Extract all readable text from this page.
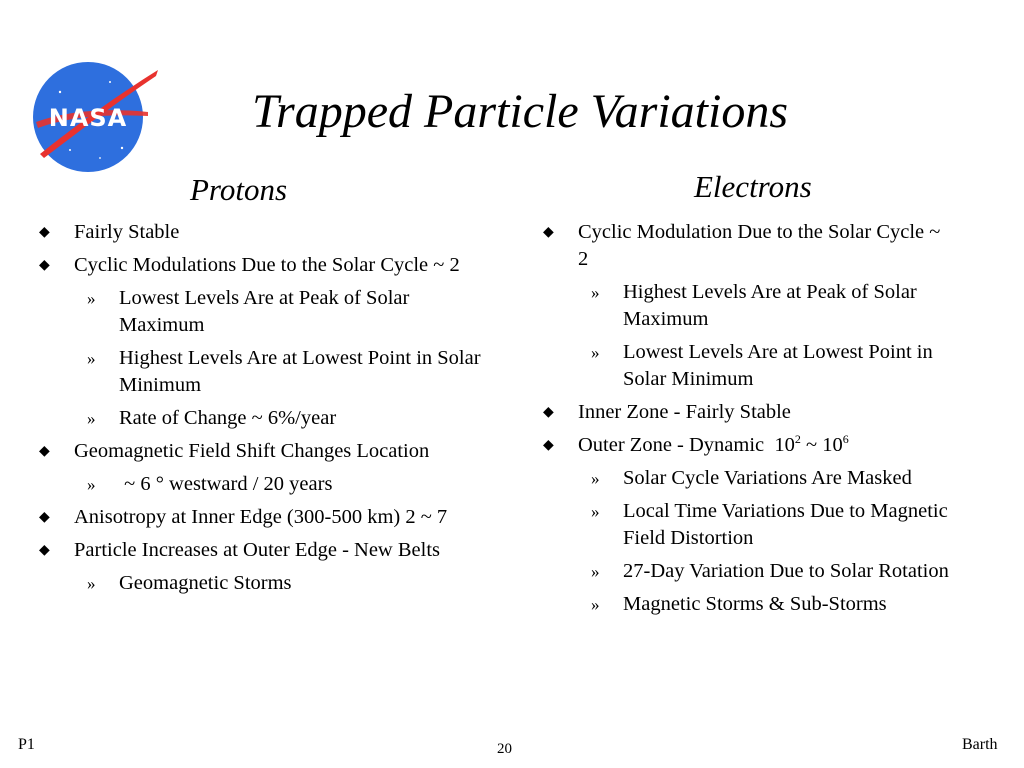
NASA	Trapped Particle Variations
Protons	Electrons
◆ Fairly Stable
◆ Cyclic Modulations Due to the Solar Cycle ~ 2
» Lowest Levels Are at Peak of Solar Maximum
» Highest Levels Are at Lowest Point in Solar Minimum
» Rate of Change ~ 6%/year
◆ Geomagnetic Field Shift Changes Location
» ~ 6 ° westward / 20 years
◆ Anisotropy at Inner Edge (300-500 km) 2 ~ 7
◆ Particle Increases at Outer Edge - New Belts
» Geomagnetic Storms
◆ Cyclic Modulation Due to the Solar Cycle ~ 2
» Highest Levels Are at Peak of Solar Maximum
» Lowest Levels Are at Lowest Point in Solar Minimum
◆ Inner Zone - Fairly Stable
◆ Outer Zone - Dynamic  $10^2$ ~ $10^6$
» Solar Cycle Variations Are Masked
» Local Time Variations Due to Magnetic Field Distortion
» 27-Day Variation Due to Solar Rotation
» Magnetic Storms & Sub-Storms
P1	20	Barth
